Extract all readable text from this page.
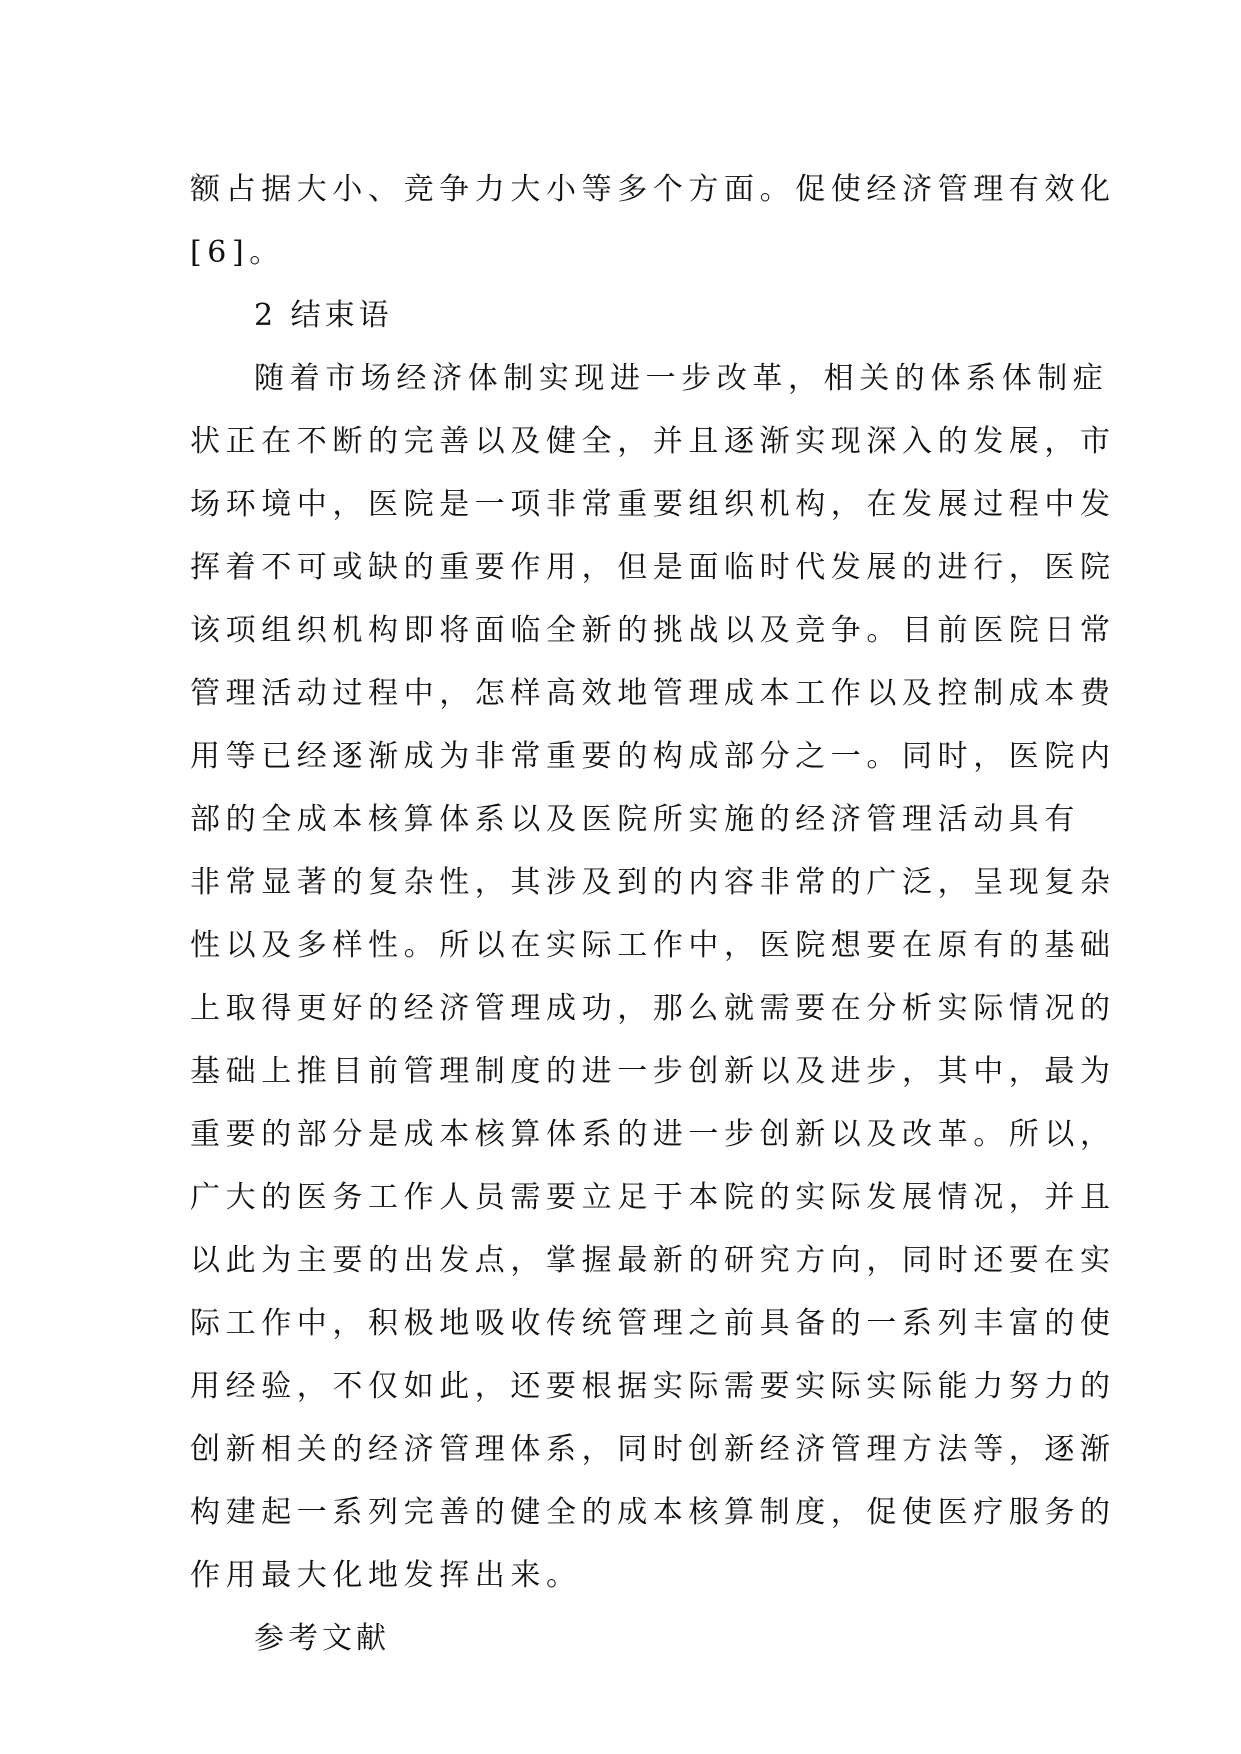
额占据大小、竞争力大小等多个方面。促使经济管理有效化
[6]。
2 结束语
随着市场经济体制实现进一步改革，相关的体系体制症
状正在不断的完善以及健全，并且逐渐实现深入的发展，市
场环境中，医院是一项非常重要组织机构，在发展过程中发
挥着不可或缺的重要作用，但是面临时代发展的进行，医院
该项组织机构即将面临全新的挑战以及竞争。目前医院日常
管理活动过程中，怎样高效地管理成本工作以及控制成本费
用等已经逐渐成为非常重要的构成部分之一。同时，医院内
部的全成本核算体系以及医院所实施的经济管理活动具有
非常显著的复杂性，其涉及到的内容非常的广泛，呈现复杂
性以及多样性。所以在实际工作中，医院想要在原有的基础
上取得更好的经济管理成功，那么就需要在分析实际情况的
基础上推目前管理制度的进一步创新以及进步，其中，最为
重要的部分是成本核算体系的进一步创新以及改革。所以，
广大的医务工作人员需要立足于本院的实际发展情况，并且
以此为主要的出发点，掌握最新的研究方向，同时还要在实
际工作中，积极地吸收传统管理之前具备的一系列丰富的使
用经验，不仅如此，还要根据实际需要实际实际能力努力的
创新相关的经济管理体系，同时创新经济管理方法等，逐渐
构建起一系列完善的健全的成本核算制度，促使医疗服务的
作用最大化地发挥出来。
参考文献
